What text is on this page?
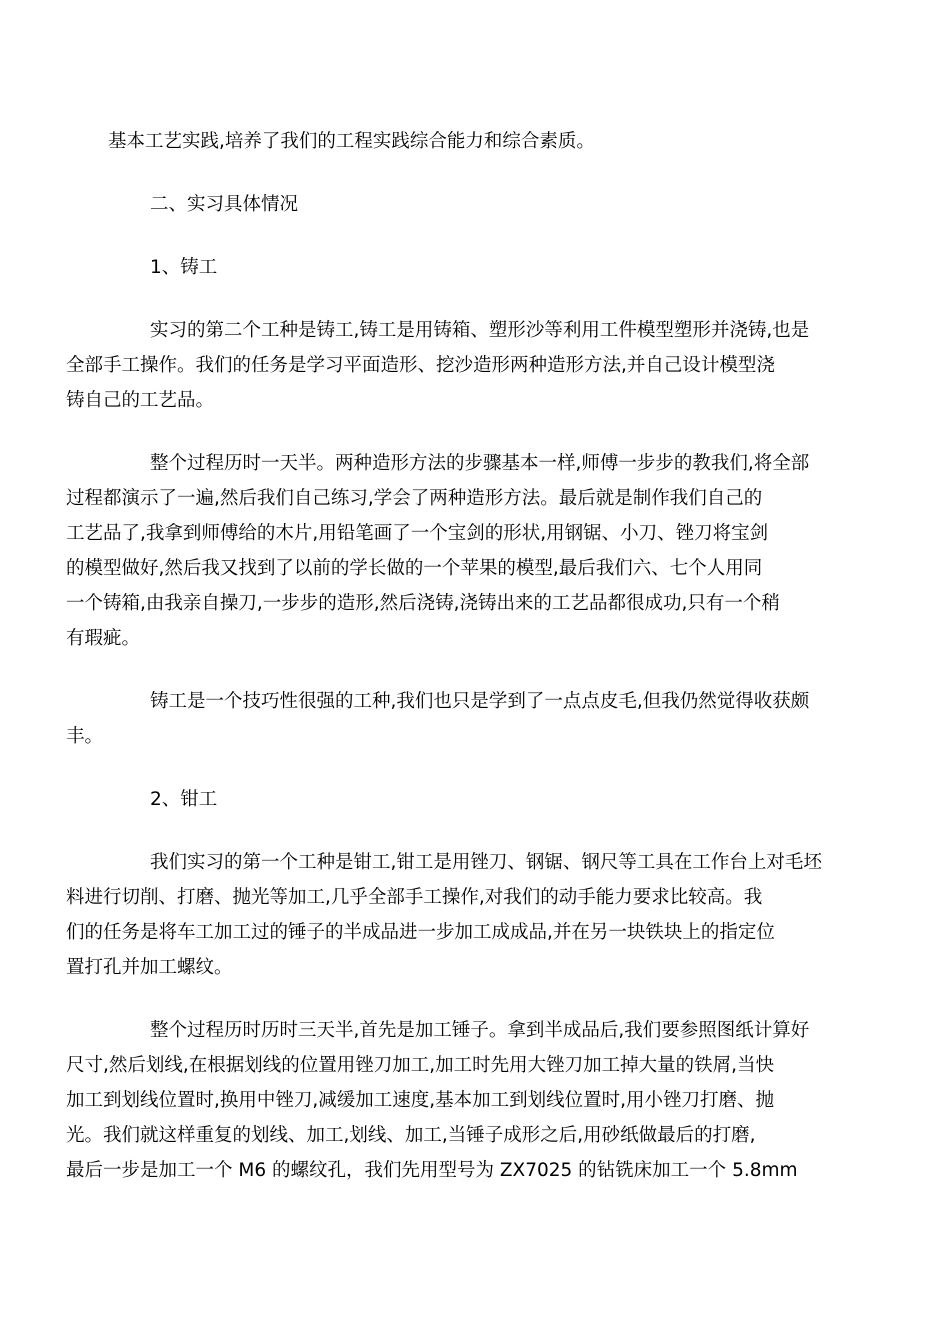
基本工艺实践,培养了我们的工程实践综合能力和综合素质。
二、实习具体情况
1、铸工
实习的第二个工种是铸工,铸工是用铸箱、塑形沙等利用工件模型塑形并浇铸,也是
全部手工操作。我们的任务是学习平面造形、挖沙造形两种造形方法,并自己设计模型浇
铸自己的工艺品。
整个过程历时一天半。两种造形方法的步骤基本一样,师傅一步步的教我们,将全部
过程都演示了一遍,然后我们自己练习,学会了两种造形方法。最后就是制作我们自己的
工艺品了,我拿到师傅给的木片,用铅笔画了一个宝剑的形状,用钢锯、小刀、锉刀将宝剑
的模型做好,然后我又找到了以前的学长做的一个苹果的模型,最后我们六、七个人用同
一个铸箱,由我亲自操刀,一步步的造形,然后浇铸,浇铸出来的工艺品都很成功,只有一个稍
有瑕疵。
铸工是一个技巧性很强的工种,我们也只是学到了一点点皮毛,但我仍然觉得收获颇
丰。
2、钳工
我们实习的第一个工种是钳工,钳工是用锉刀、钢锯、钢尺等工具在工作台上对毛坯
料进行切削、打磨、抛光等加工,几乎全部手工操作,对我们的动手能力要求比较高。我
们的任务是将车工加工过的锤子的半成品进一步加工成成品,并在另一块铁块上的指定位
置打孔并加工螺纹。
整个过程历时历时三天半,首先是加工锤子。拿到半成品后,我们要参照图纸计算好
尺寸,然后划线,在根据划线的位置用锉刀加工,加工时先用大锉刀加工掉大量的铁屑,当快
加工到划线位置时,换用中锉刀,减缓加工速度,基本加工到划线位置时,用小锉刀打磨、抛
光。我们就这样重复的划线、加工,划线、加工,当锤子成形之后,用砂纸做最后的打磨,
最后一步是加工一个 M6 的螺纹孔，我们先用型号为 ZX7025 的钻铣床加工一个 5.8mm
